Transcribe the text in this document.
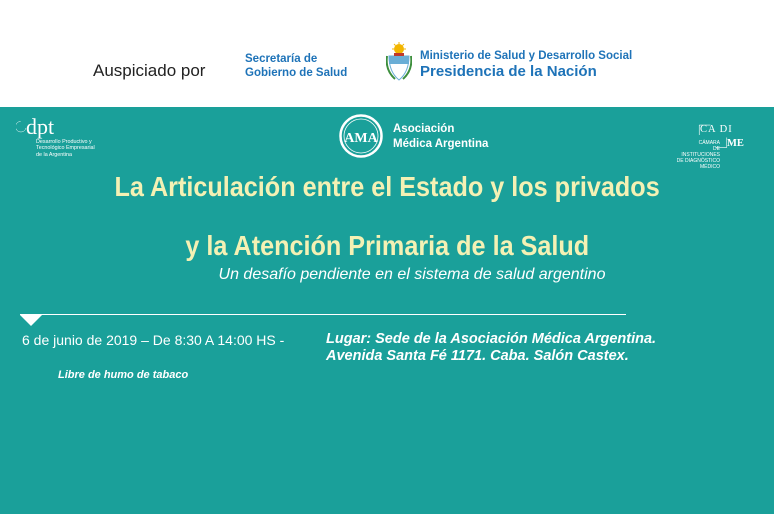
Auspiciado por
Secretaría de
Gobierno de Salud
Ministerio de Salud y Desarrollo Social
Presidencia de la Nación
dpt
Desarrollo Productivo y
Tecnológico Empresarial
de la Argentina
AMA
Asociación
Médica Argentina
CA DI
ME
CÁMARA
DE INSTITUCIONES
DE DIAGNÓSTICO
MÉDICO
La Articulación entre el Estado y los privados
y la Atención Primaria de la Salud
Un desafío pendiente en el sistema de salud argentino
6 de junio de 2019 – De 8:30 A 14:00 HS -	Lugar: Sede de la Asociación Médica Argentina.
Avenida Santa Fé 1171. Caba. Salón Castex.
Libre de humo de tabaco
